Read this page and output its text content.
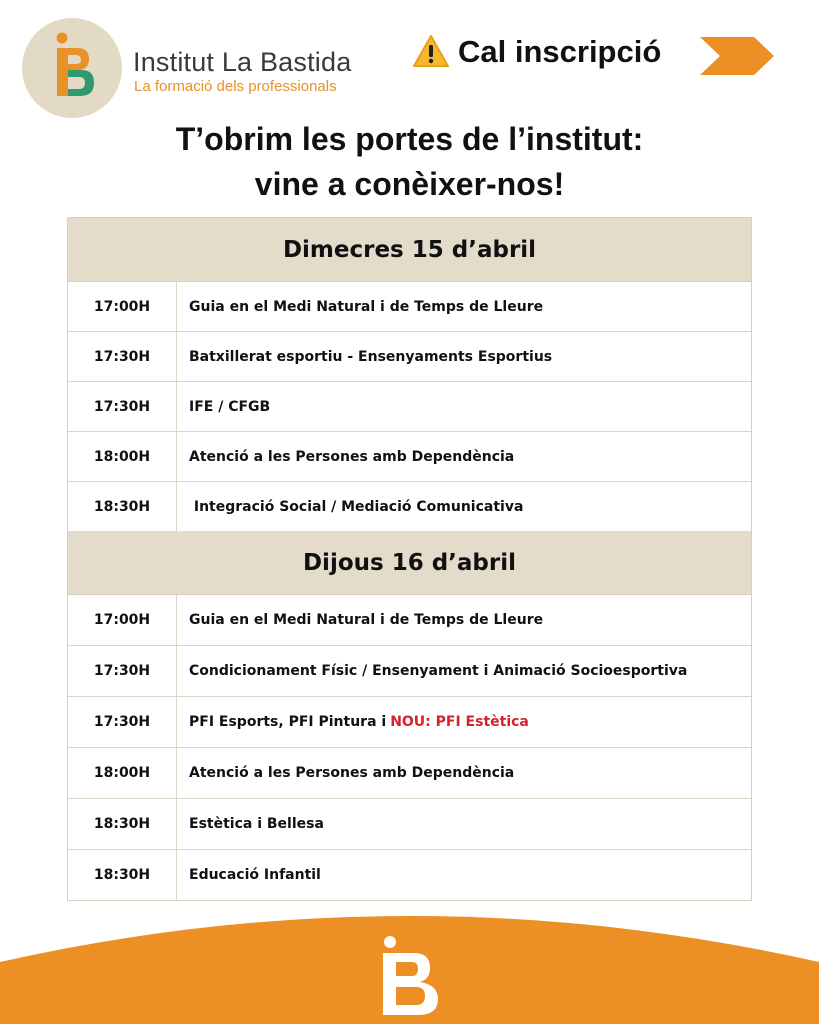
Institut La Bastida
La formació dels professionals
Cal inscripció
T’obrim les portes de l’institut:
vine a conèixer-nos!
Dimecres 15 d’abril
17:00H	Guia en el Medi Natural i de Temps de Lleure
17:30H	Batxillerat esportiu - Ensenyaments Esportius
17:30H	IFE / CFGB
18:00H	Atenció a les Persones amb Dependència
18:30H	Integració Social / Mediació Comunicativa
Dijous 16 d’abril
17:00H	Guia en el Medi Natural i de Temps de Lleure
17:30H	Condicionament Físic / Ensenyament i Animació Socioesportiva
17:30H	PFI Esports, PFI Pintura i NOU: PFI Estètica
18:00H	Atenció a les Persones amb Dependència
18:30H	Estètica i Bellesa
18:30H	Educació Infantil
